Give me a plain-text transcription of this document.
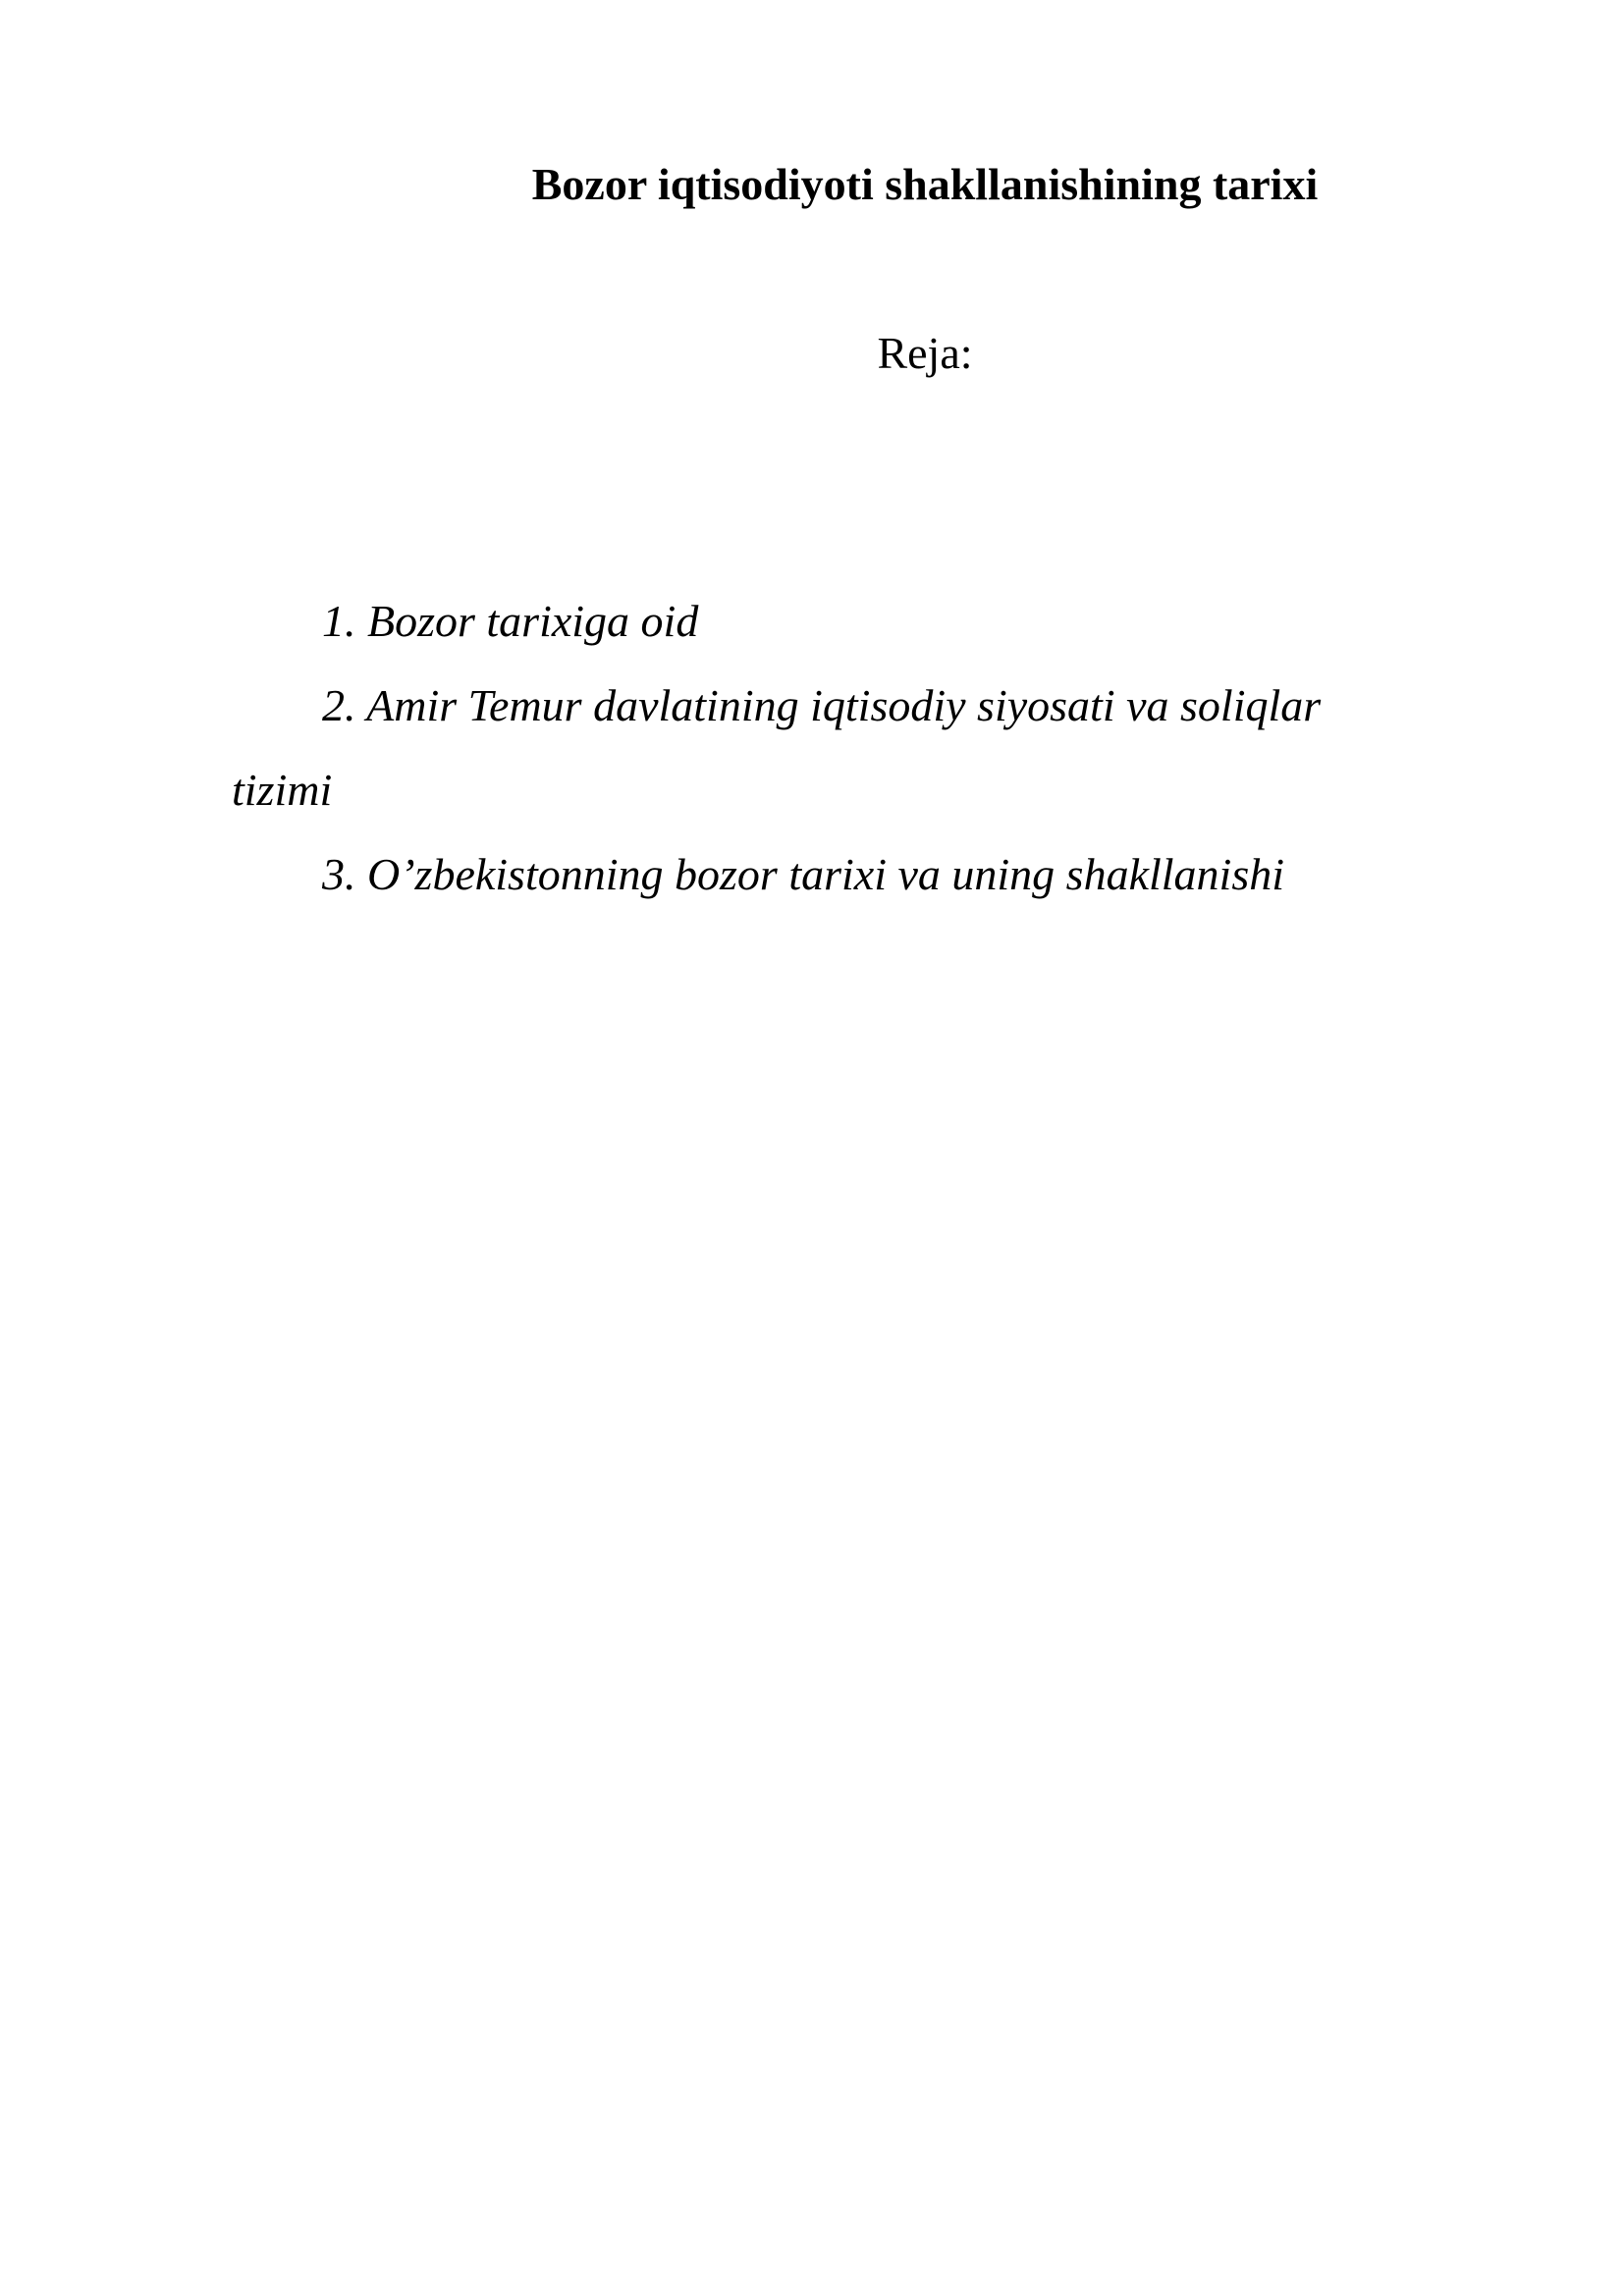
Bozor iqtisodiyoti shakllanishining tarixi
Reja:
1. Bozor tarixiga oid
2. Amir Temur davlatining iqtisodiy siyosati va soliqlar tizimi
3. O’zbekistonning bozor tarixi va uning shakllanishi
